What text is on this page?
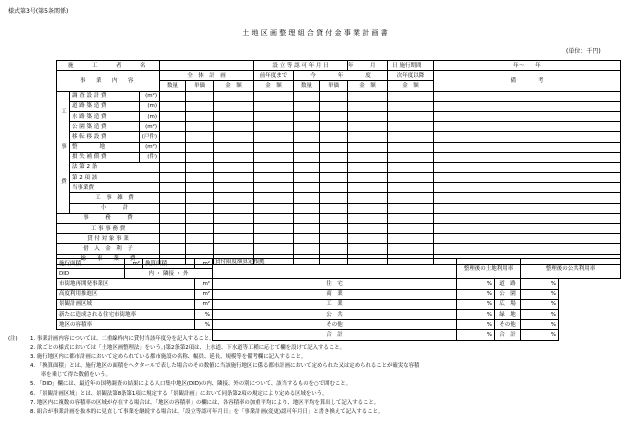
様式第3号(第5条関係)
土 地 区 画 整 理 組 合 貸 付 金 事 業 計 画 書
(単位：千円)
施　　工　　者　　名						設 立 等 認 可 年 月 日			年　　　月　　　日	施行期間	年～　　年
事　業　内　容			全　体　計　画			前年度まで	今　　　　年　　　　度			次年度以降	備　　　　考
			数量	単価	金　額	金　額	数量	単価	金　額	金　額	
工　事　費	調 査 設 計 費	(m²)									
	道 路 築 造 費	(m)									
	水 路 築 造 費	(m)									
	公 園 築 造 費	(m²)									
	移 転 移 設 費	(戸件)									
	整　　　　地	(m²)									
	損 失 補 償 費	(件)									
	法 第 2 条										
	第 2 項 該										
	当事業費										
	工　事　雑　費										
	小　　　計										
事　　　務　　　費											
工 事 事 務 費											
貸 付 対 象 事 業											
借　入　金　利　子											
総　　事　　業　　費											
施行面積	m²	換算面積	m²	貸付限度額算定根拠	整理後の土地利用率		整理後の公共利用率
DID	内 ・ 隣接 ・ 外						
市街地再開発事業区			m²	住　宅	%	道　路	%
高度利用推進区			m²	商　業	%	公　園	%
景観計画区域			m²	工　業	%	広　場	%
新たに造成される住宅市街地率			%	公　共	%	緑　地	%
地区の容積率			%	その他	%	その他	%
				合　計	%	合　計	%

(注)	1. 事業計画内容については、二重線枠内に貸付当該年度分を記入すること。
2. 欲ごとの様式においては「土地区画整理法」をいう。)第2条第2項は、上水道、下水道等工種に応じて欄を設けて記入すること。
3. 施行地区内に都市計画において定められている都市施設の名称、幅員、延長、規模等を備考欄に記入すること。
4. 「換算面積」とは、施行地区の面積をヘクタールで表した場合のその数値に当該施行地区に係る都市計画において定められた又は定められることが確実な容積
　　率を乗じて得た数値をいう。
5. 「DID」欄には、最近年の国勢調査の結果による人口集中地区(DID)の内、隣接、外の別について、該当するものを○で囲むこと。
6. 「景観計画区域」とは、景観法第8条第1項に規定する「景観計画」において同条第2項の規定により定める区域をいう。
7. 地区内に複数の容積率の区域が存在する場合は、「地区の容積率」の欄には、各容積率の加重平均により、地区平均を算出して記入すること。
8. 組合が事業計画を抜本的に見直して事業を継続する場合は、「設立等認可年月日」を「事業計画(変更)認可年月日」と書き換えて記入すること。
